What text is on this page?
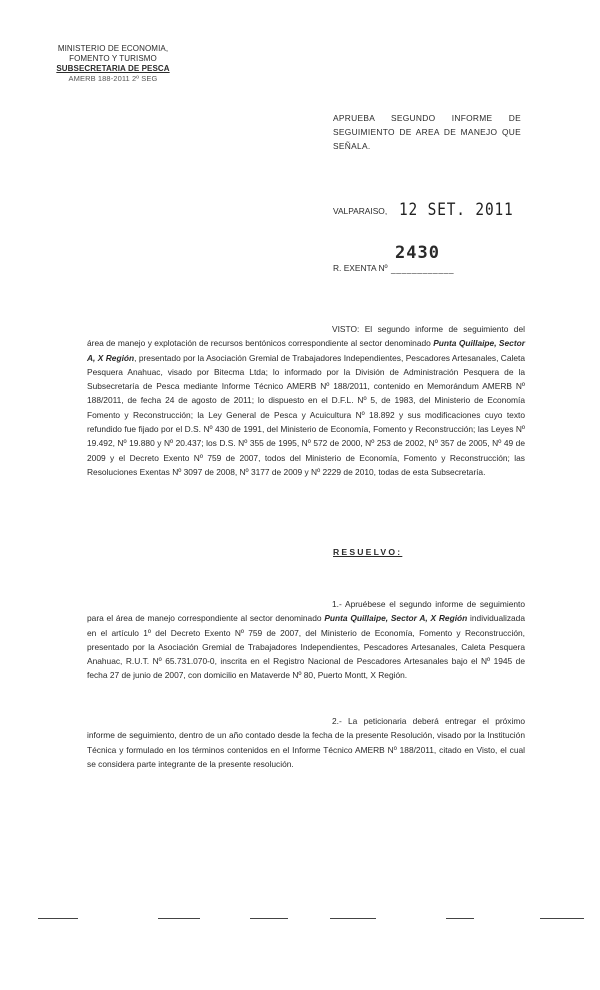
MINISTERIO DE ECONOMIA,
FOMENTO Y TURISMO
SUBSECRETARIA DE PESCA
AMERB 188-2011 2º SEG
APRUEBA SEGUNDO INFORME DE SEGUIMIENTO DE AREA DE MANEJO QUE SEÑALA.
VALPARAISO, 12 SET. 2011
R. EXENTA Nº ____________
2430
VISTO: El segundo informe de seguimiento del área de manejo y explotación de recursos bentónicos correspondiente al sector denominado Punta Quillaipe, Sector A, X Región, presentado por la Asociación Gremial de Trabajadores Independientes, Pescadores Artesanales, Caleta Pesquera Anahuac, visado por Bitecma Ltda; lo informado por la División de Administración Pesquera de la Subsecretaría de Pesca mediante Informe Técnico AMERB Nº 188/2011, contenido en Memorándum AMERB Nº 188/2011, de fecha 24 de agosto de 2011; lo dispuesto en el D.F.L. Nº 5, de 1983, del Ministerio de Economía Fomento y Reconstrucción; la Ley General de Pesca y Acuicultura Nº 18.892 y sus modificaciones cuyo texto refundido fue fijado por el D.S. Nº 430 de 1991, del Ministerio de Economía, Fomento y Reconstrucción; las Leyes Nº 19.492, Nº 19.880 y Nº 20.437; los D.S. Nº 355 de 1995, Nº 572 de 2000, Nº 253 de 2002, Nº 357 de 2005, Nº 49 de 2009 y el Decreto Exento Nº 759 de 2007, todos del Ministerio de Economía, Fomento y Reconstrucción; las Resoluciones Exentas Nº 3097 de 2008, Nº 3177 de 2009 y Nº 2229 de 2010, todas de esta Subsecretaría.
RESUELVO:
1.- Apruébese el segundo informe de seguimiento para el área de manejo correspondiente al sector denominado Punta Quillaipe, Sector A, X Región individualizada en el artículo 1º del Decreto Exento Nº 759 de 2007, del Ministerio de Economía, Fomento y Reconstrucción, presentado por la Asociación Gremial de Trabajadores Independientes, Pescadores Artesanales, Caleta Pesquera Anahuac, R.U.T. Nº 65.731.070-0, inscrita en el Registro Nacional de Pescadores Artesanales bajo el Nº 1945 de fecha 27 de junio de 2007, con domicilio en Mataverde Nº 80, Puerto Montt, X Región.
2.- La peticionaria deberá entregar el próximo informe de seguimiento, dentro de un año contado desde la fecha de la presente Resolución, visado por la Institución Técnica y formulado en los términos contenidos en el Informe Técnico AMERB Nº 188/2011, citado en Visto, el cual se considera parte integrante de la presente resolución.
